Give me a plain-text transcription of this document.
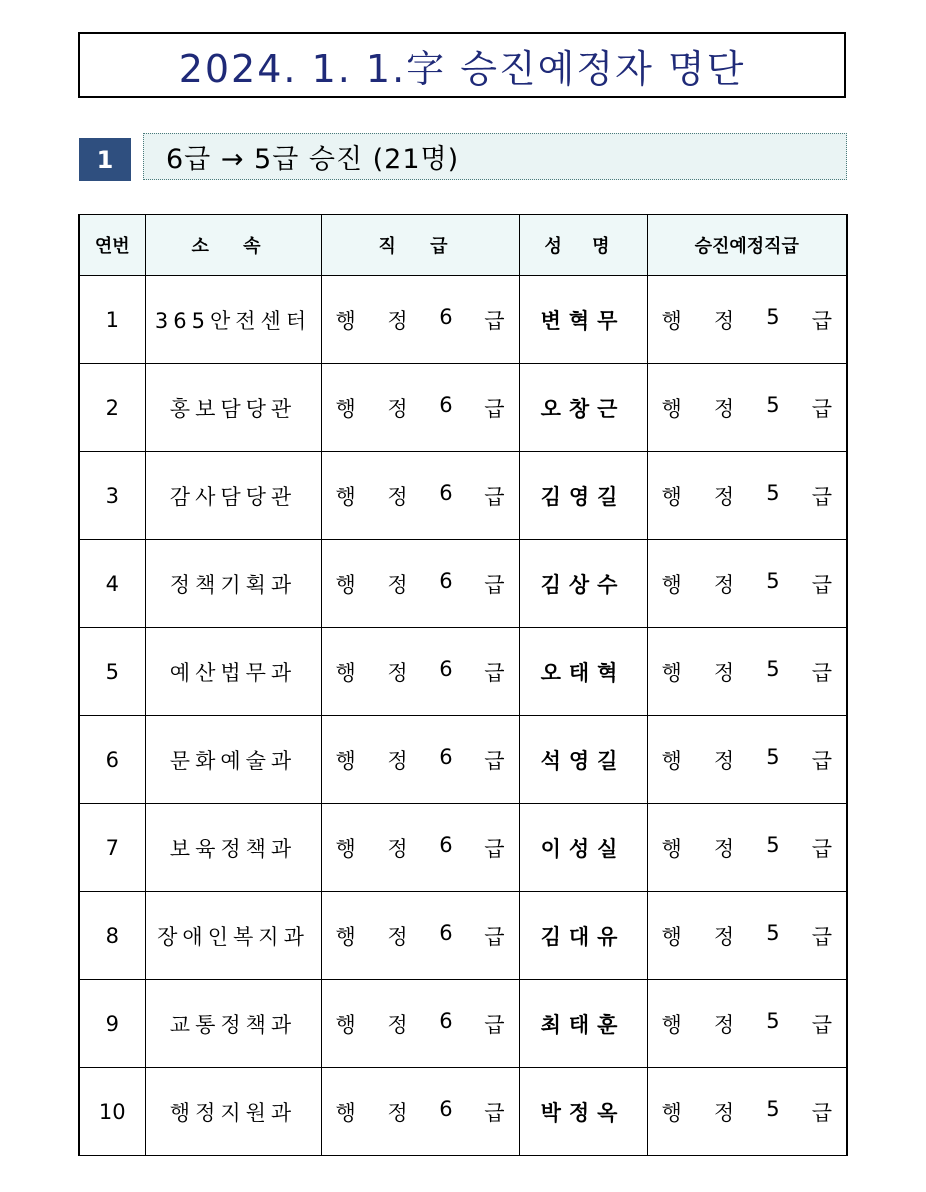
2024. 1. 1.字 승진예정자 명단
1	6급 → 5급 승진 (21명)
연번	소 속	직 급	성 명	승진예정직급
1	365안전센터	행 정 6 급	변혁무	행 정 5 급

2	홍보담당관	행 정 6 급	오창근	행 정 5 급

3	감사담당관	행 정 6 급	김영길	행 정 5 급

4	정책기획과	행 정 6 급	김상수	행 정 5 급

5	예산법무과	행 정 6 급	오태혁	행 정 5 급

6	문화예술과	행 정 6 급	석영길	행 정 5 급

7	보육정책과	행 정 6 급	이성실	행 정 5 급

8	장애인복지과	행 정 6 급	김대유	행 정 5 급

9	교통정책과	행 정 6 급	최태훈	행 정 5 급

10	행정지원과	행 정 6 급	박정옥	행 정 5 급
